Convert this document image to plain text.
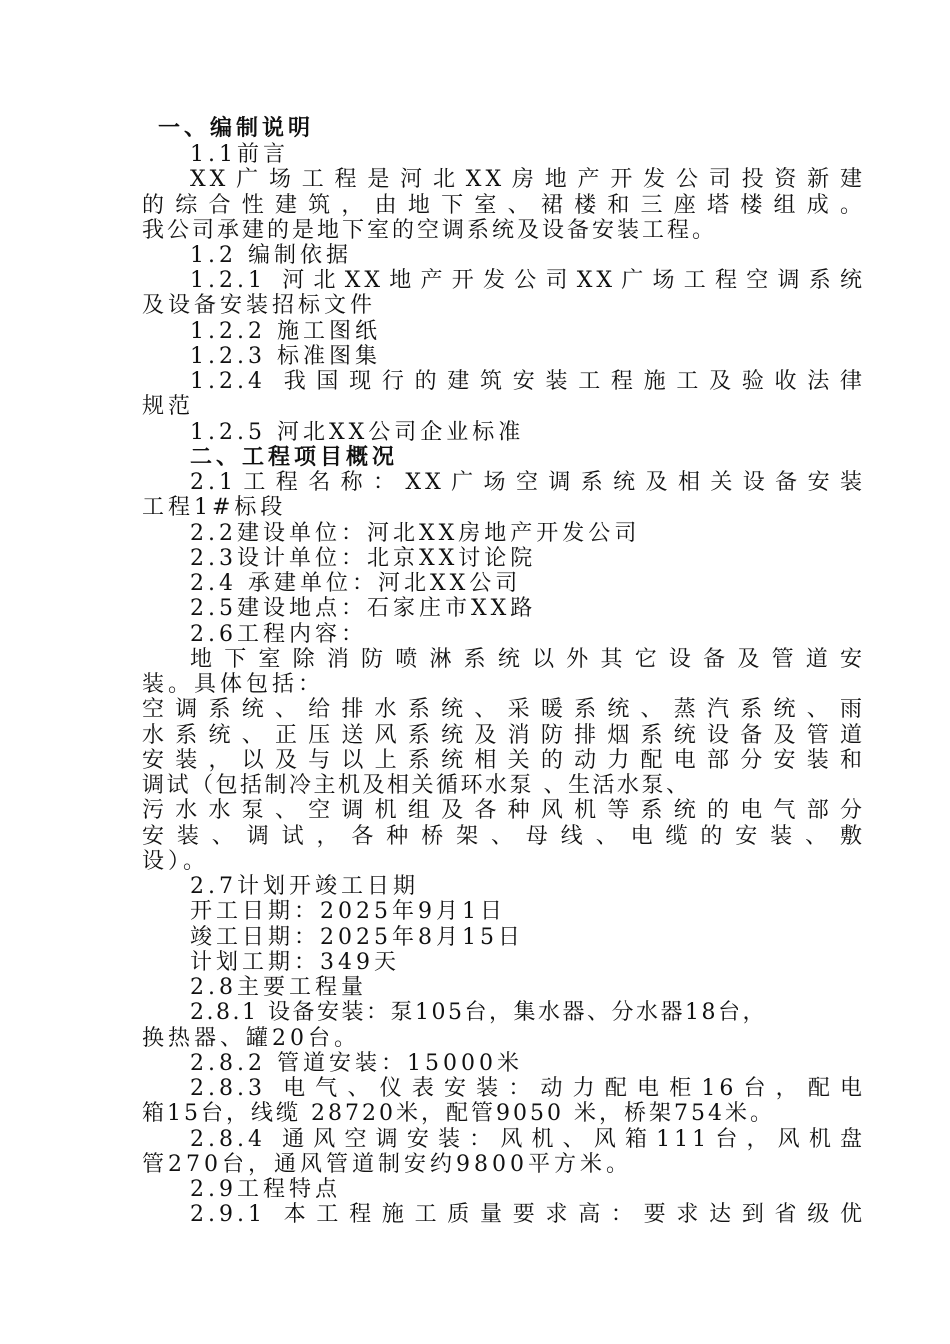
一、编制说明
1.1前言
XX广场工程是河北XX房地产开发公司投资新建
的综合性建筑，由地下室、裙楼和三座塔楼组成。
我公司承建的是地下室的空调系统及设备安装工程。
1.2 编制依据
1.2.1 河北XX地产开发公司XX广场工程空调系统
及设备安装招标文件
1.2.2 施工图纸
1.2.3 标准图集
1.2.4 我国现行的建筑安装工程施工及验收法律
规范
1.2.5 河北XX公司企业标准
二、工程项目概况
2.1工程名称：XX广场空调系统及相关设备安装
工程1#标段
2.2建设单位：河北XX房地产开发公司
2.3设计单位：北京XX讨论院
2.4 承建单位：河北XX公司
2.5建设地点：石家庄市XX路
2.6工程内容：
地下室除消防喷淋系统以外其它设备及管道安
装。具体包括：
空调系统、给排水系统、采暖系统、蒸汽系统、雨
水系统、正压送风系统及消防排烟系统设备及管道
安装，以及与以上系统相关的动力配电部分安装和
调试（包括制冷主机及相关循环水泵 、生活水泵、
污水水泵、空调机组及各种风机等系统的电气部分
安装、调试，各种桥架、母线、电缆的安装、敷
设）。
2.7计划开竣工日期
开工日期：2025年9月1日
竣工日期：2025年8月15日
计划工期：349天
2.8主要工程量
2.8.1 设备安装：泵105台，集水器、分水器18台，
换热器、罐20台。
2.8.2 管道安装：15000米
2.8.3 电气、仪表安装：动力配电柜16台，配电
箱15台，线缆 28720米，配管9050 米，桥架754米。
2.8.4 通风空调安装：风机、风箱111台，风机盘
管270台，通风管道制安约9800平方米。
2.9工程特点
2.9.1 本工程施工质量要求高：要求达到省级优
